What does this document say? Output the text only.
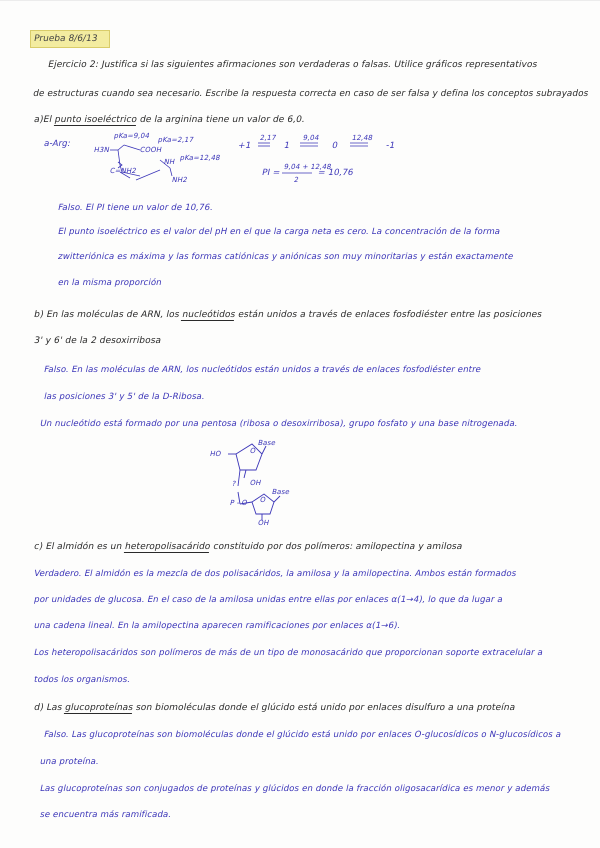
Prueba 8/6/13
Ejercicio 2: Justifica si las siguientes afirmaciones son verdaderas o falsas. Utilice gráficos representativos
de estructuras cuando sea necesario. Escribe la respuesta correcta en caso de ser falsa y defina los conceptos subrayados
a)El punto isoeléctrico de la arginina tiene un valor de 6,0.
a-Arg:
pKa=9,04 pKa=2,17
pKa=12,48
H3N	COOH
NH
C=NH2
NH2
+1
2,17
1
9,04
0
12,48
-1
PI =
9,04 + 12,48
2
= 10,76
Falso. El PI tiene un valor de 10,76.
El punto isoeléctrico es el valor del pH en el que la carga neta es cero. La concentración de la forma
zwitteriónica es máxima y las formas catiónicas y aniónicas son muy minoritarias y están exactamente
en la misma proporción
b) En las moléculas de ARN, los nucleótidos están unidos a través de enlaces fosfodiéster entre las posiciones
3' y 6' de la 2 desoxirribosa
Falso. En las moléculas de ARN, los nucleótidos están unidos a través de enlaces fosfodiéster entre
las posiciones 3' y 5' de la D-Ribosa.
Un nucleótido está formado por una pentosa (ribosa o desoxirribosa), grupo fosfato y una base nitrogenada.
Base
HO	O
OH
?
P - O O
Base
OH
c) El almidón es un heteropolisacárido constituido por dos polímeros: amilopectina y amilosa
Verdadero. El almidón es la mezcla de dos polisacáridos, la amilosa y la amilopectina. Ambos están formados
por unidades de glucosa. En el caso de la amilosa unidas entre ellas por enlaces α(1→4), lo que da lugar a
una cadena lineal. En la amilopectina aparecen ramificaciones por enlaces α(1→6).
Los heteropolisacáridos son polímeros de más de un tipo de monosacárido que proporcionan soporte extracelular a
todos los organismos.
d) Las glucoproteínas son biomoléculas donde el glúcido está unido por enlaces disulfuro a una proteína
Falso. Las glucoproteínas son biomoléculas donde el glúcido está unido por enlaces O-glucosídicos o N-glucosídicos a
una proteína.
Las glucoproteínas son conjugados de proteínas y glúcidos en donde la fracción oligosacarídica es menor y además
se encuentra más ramificada.
